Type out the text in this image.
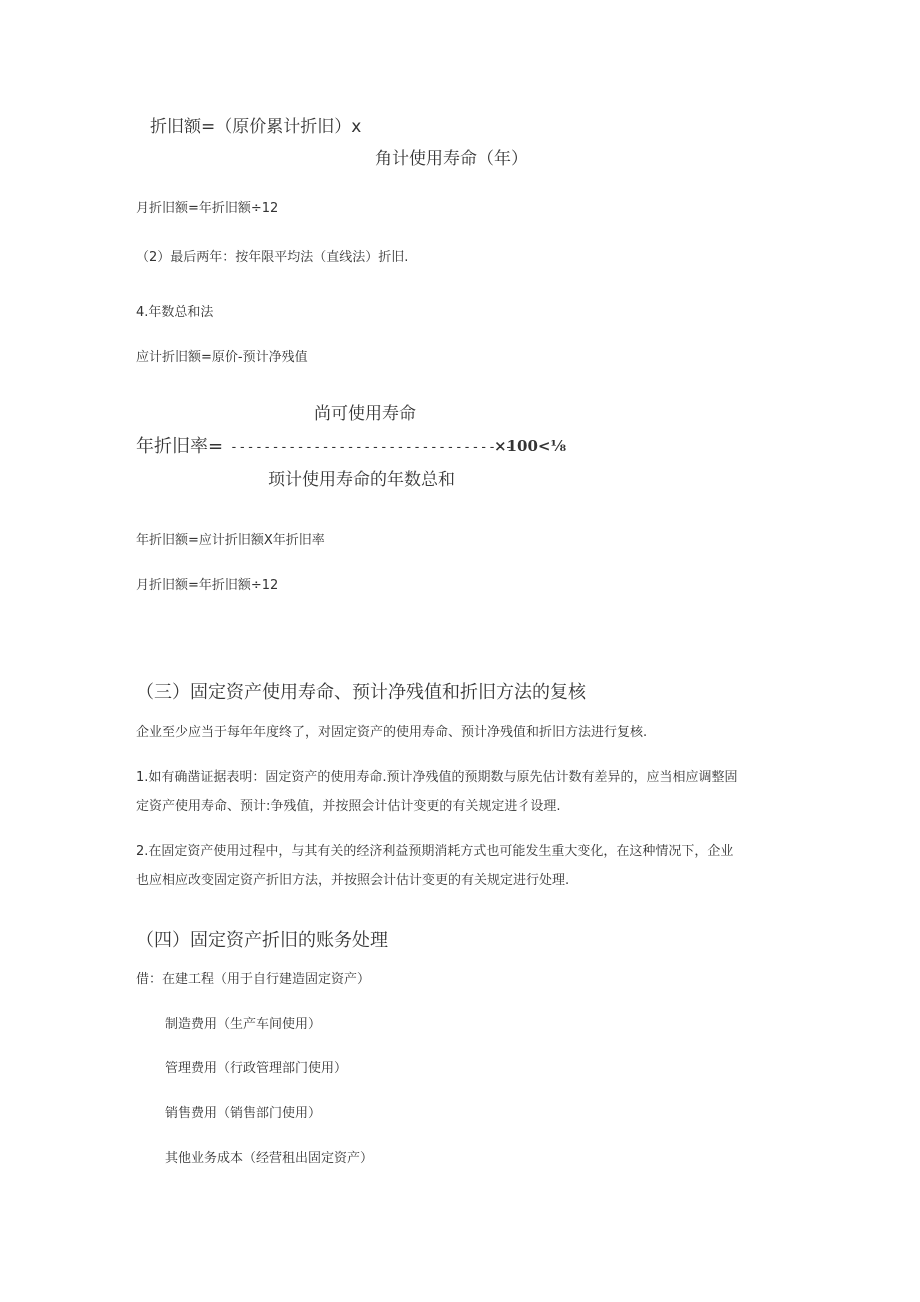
折旧额=（原价累计折旧）x
角计使用寿命（年）
月折旧额=年折旧额÷12
（2）最后两年：按年限平均法（直线法）折旧.
4.年数总和法
应计折旧额=原价-预计净残值
尚可使用寿命
年折旧率= ----------------------------------
×100<⅛
顼计使用寿命的年数总和
年折旧额=应计折旧额X年折旧率
月折旧额=年折旧额÷12
（三）固定资产使用寿命、预计净残值和折旧方法的复核
企业至少应当于每年年度终了，对固定资产的使用寿命、预计净残值和折旧方法进行复核.
1.如有确凿证据表明：固定资产的使用寿命.预计净残值的预期数与原先估计数有差异的，应当相应调整固
定资产使用寿命、预计:争残值，并按照会计估计变更的有关规定进彳设理.
2.在固定资产使用过程中，与其有关的经济利益预期消耗方式也可能发生重大变化，在这种情况下，企业
也应相应改变固定资产折旧方法，并按照会计估计变更的有关规定进行处理.
（四）固定资产折旧的账务处理
借：在建工程（用于自行建造固定资产）
制造费用（生产车间使用）
管理费用（行政管理部门使用）
销售费用（销售部门使用）
其他业务成本（经营租出固定资产）
